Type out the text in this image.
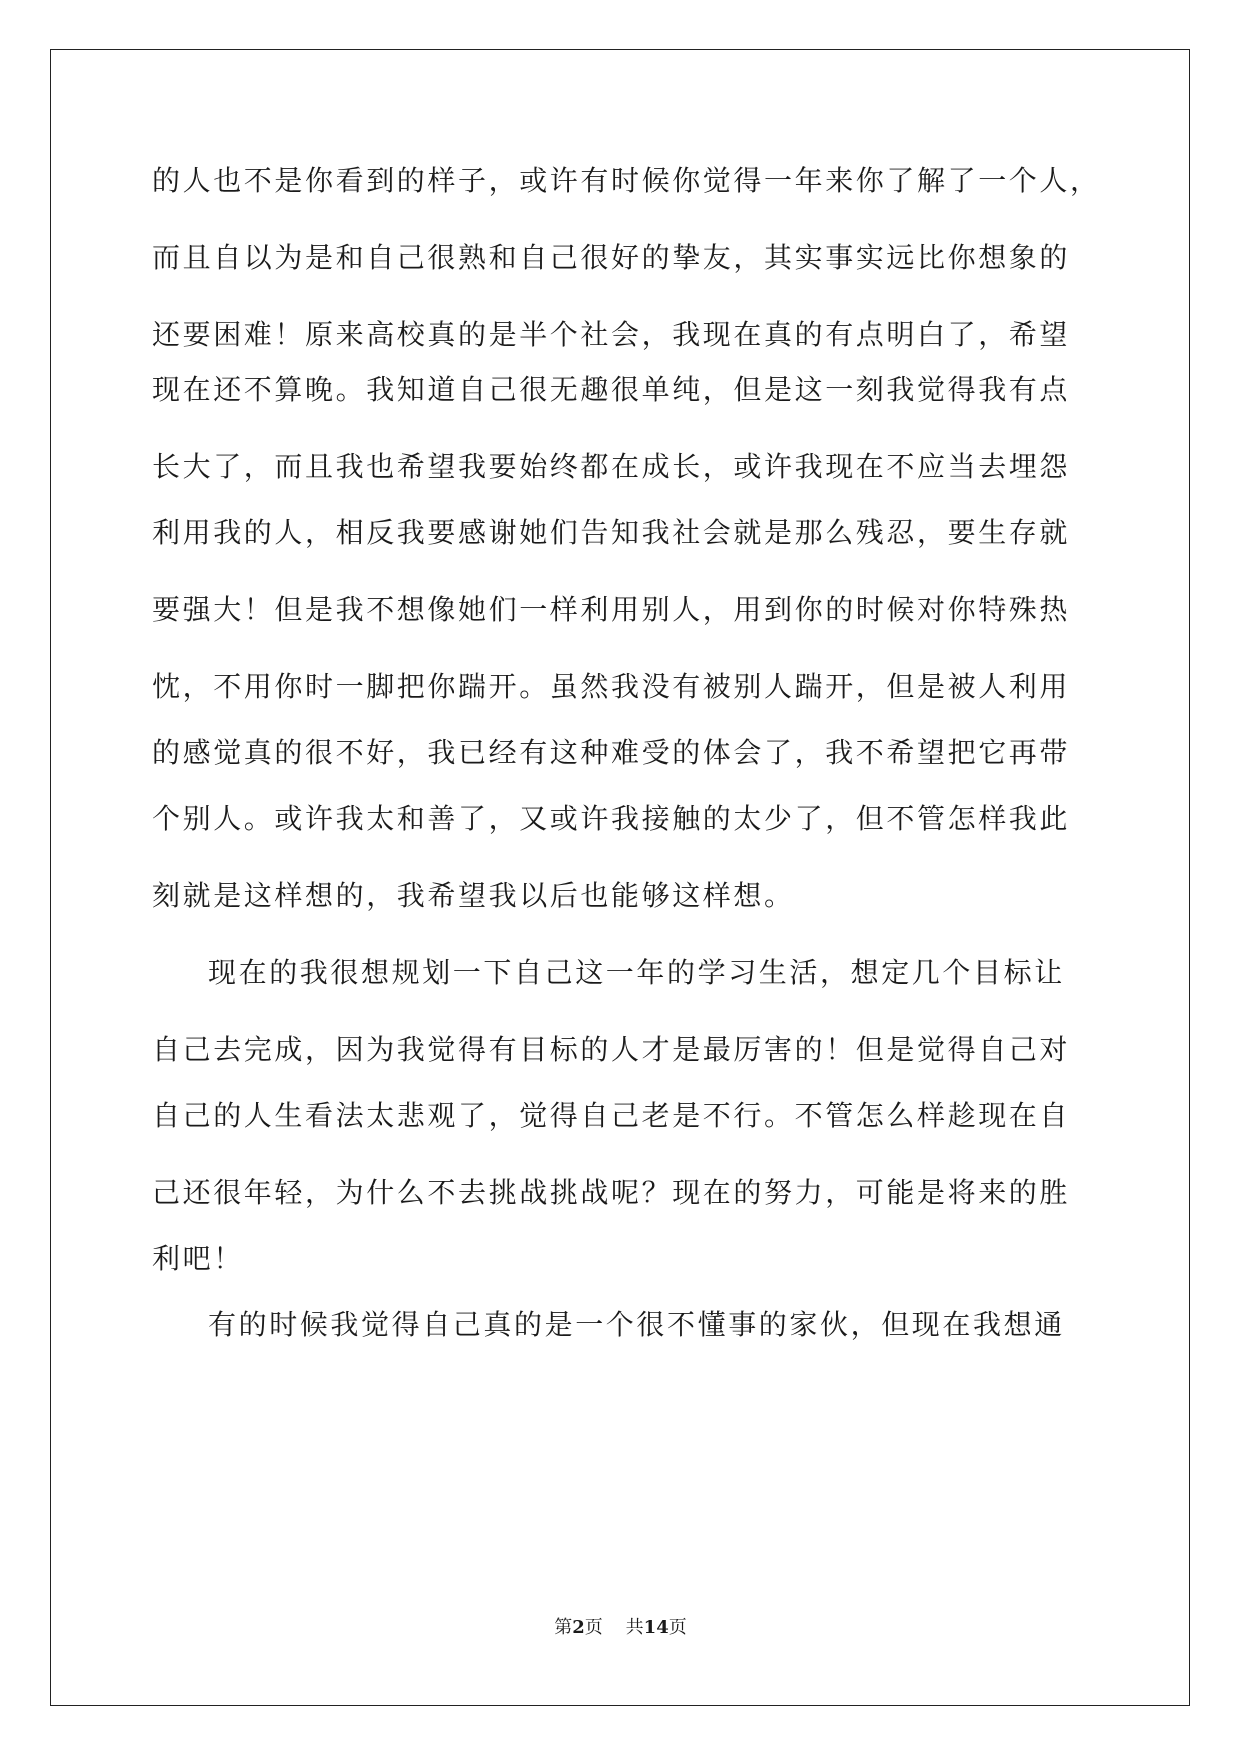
的人也不是你看到的样子，或许有时候你觉得一年来你了解了一个人，
而且自以为是和自己很熟和自己很好的挚友，其实事实远比你想象的
还要困难！原来高校真的是半个社会，我现在真的有点明白了，希望
现在还不算晚。我知道自己很无趣很单纯，但是这一刻我觉得我有点
长大了，而且我也希望我要始终都在成长，或许我现在不应当去埋怨
利用我的人，相反我要感谢她们告知我社会就是那么残忍，要生存就
要强大！但是我不想像她们一样利用别人，用到你的时候对你特殊热
忱，不用你时一脚把你踹开。虽然我没有被别人踹开，但是被人利用
的感觉真的很不好，我已经有这种难受的体会了，我不希望把它再带
个别人。或许我太和善了，又或许我接触的太少了，但不管怎样我此
刻就是这样想的，我希望我以后也能够这样想。
现在的我很想规划一下自己这一年的学习生活，想定几个目标让
自己去完成，因为我觉得有目标的人才是最厉害的！但是觉得自己对
自己的人生看法太悲观了，觉得自己老是不行。不管怎么样趁现在自
己还很年轻，为什么不去挑战挑战呢？现在的努力，可能是将来的胜
利吧！
有的时候我觉得自己真的是一个很不懂事的家伙，但现在我想通
第2页 共14页
